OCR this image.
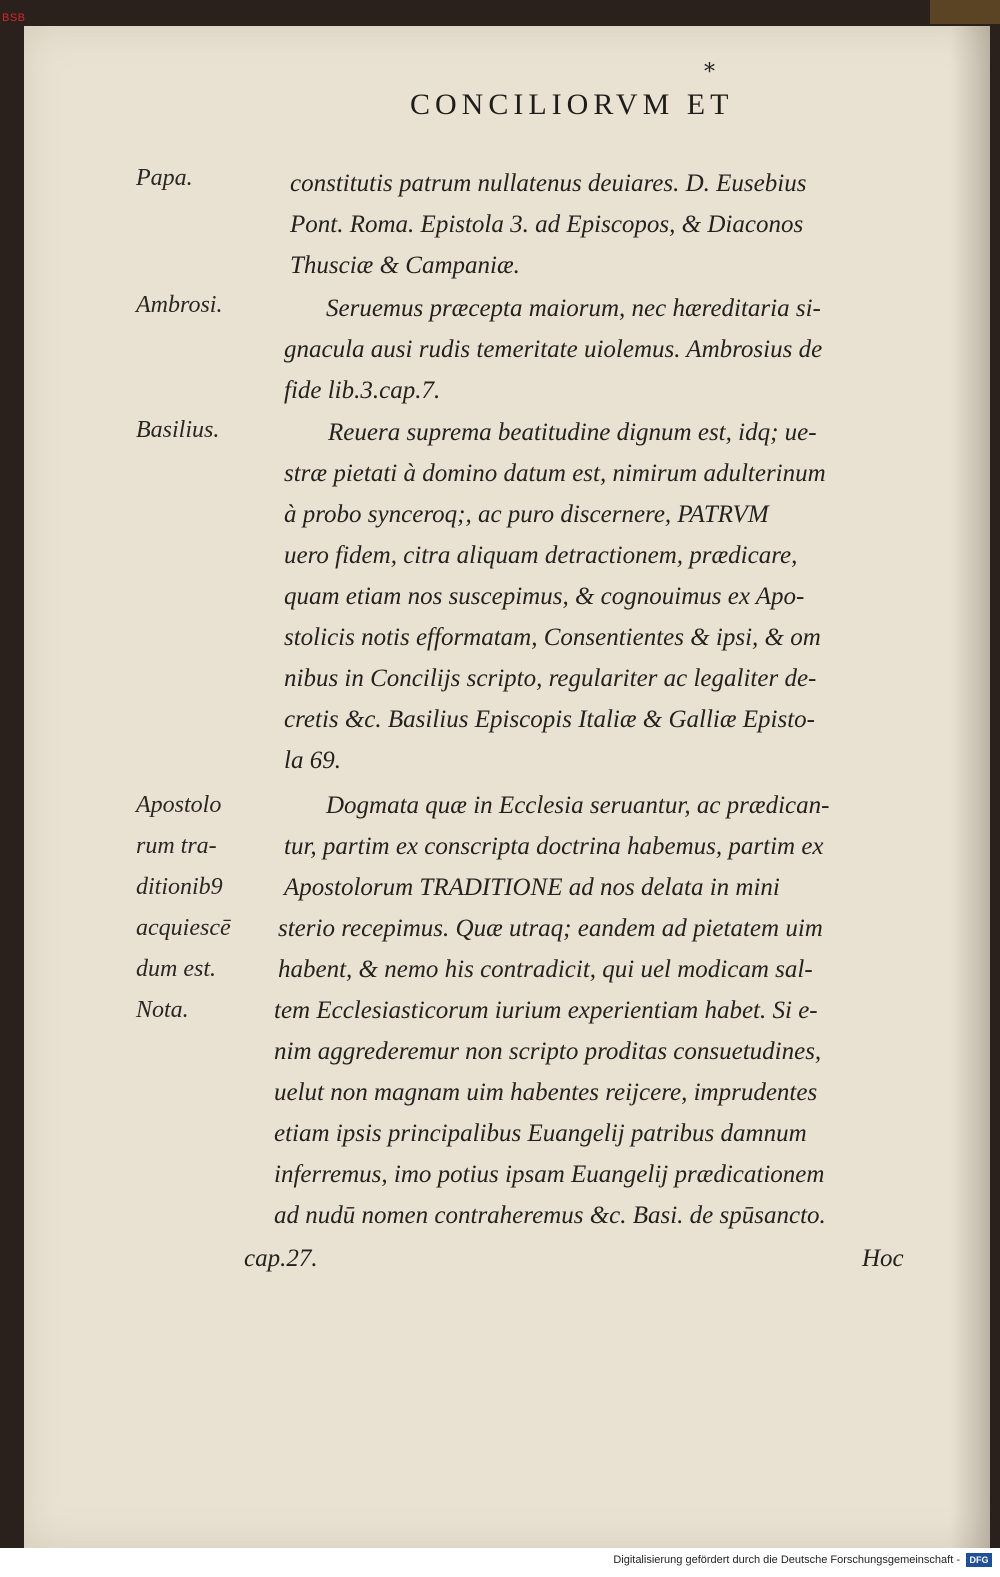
BSB
*
CONCILIORVM ET
Papa.
Ambrosi.
Basilius.
Apostolo
rum tra-
ditionib9
acquiescē
dum est.
Nota.
constitutis patrum nullatenus deuiares. D. Eusebius
Pont. Roma. Epistola 3. ad Episcopos, & Diaconos
Thusciæ & Campaniæ.
Seruemus præcepta maiorum, nec hæreditaria si-
gnacula ausi rudis temeritate uiolemus. Ambrosius de
fide lib.3.cap.7.
Reuera suprema beatitudine dignum est, idq; ue-
stræ pietati à domino datum est, nimirum adulterinum
à probo synceroq;, ac puro discernere, PATRVM
uero fidem, citra aliquam detractionem, prædicare,
quam etiam nos suscepimus, & cognouimus ex Apo-
stolicis notis efformatam, Consentientes & ipsi, & om
nibus in Concilijs scripto, regulariter ac legaliter de-
cretis &c. Basilius Episcopis Italiæ & Galliæ Episto-
la 69.
Dogmata quæ in Ecclesia seruantur, ac prædican-
tur, partim ex conscripta doctrina habemus, partim ex
Apostolorum TRADITIONE ad nos delata in mini
sterio recepimus. Quæ utraq; eandem ad pietatem uim
habent, & nemo his contradicit, qui uel modicam sal-
tem Ecclesiasticorum iurium experientiam habet. Si e-
nim aggrederemur non scripto proditas consuetudines,
uelut non magnam uim habentes reijcere, imprudentes
etiam ipsis principalibus Euangelij patribus damnum
inferremus, imo potius ipsam Euangelij prædicationem
ad nudū nomen contraheremus &c. Basi. de spūsancto.
cap.27.	Hoc
Digitalisierung gefördert durch die Deutsche Forschungsgemeinschaft -	DFG
